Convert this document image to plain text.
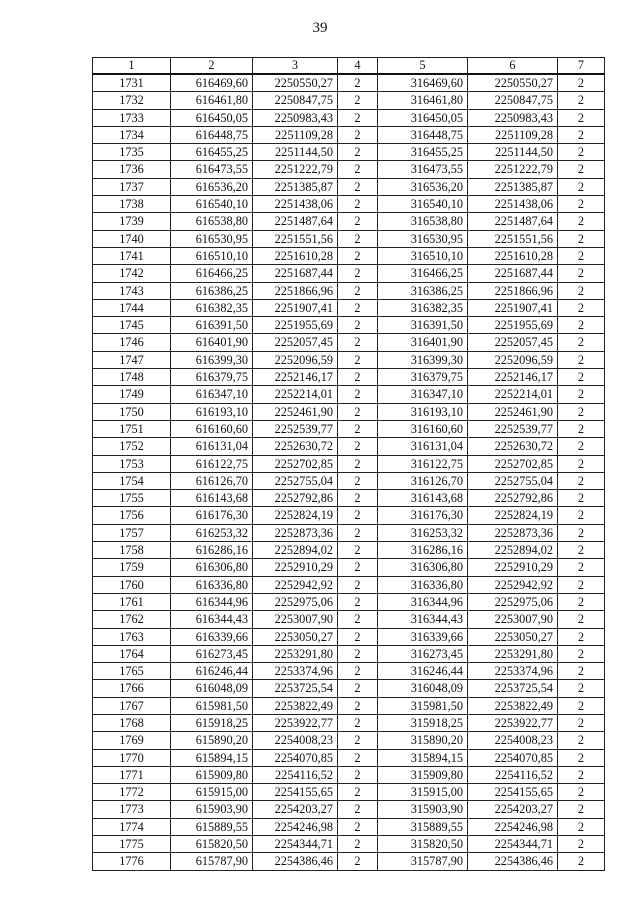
39
1	2	3	4	5	6	7
1731	616469,60	2250550,27	2	316469,60	2250550,27	2
1732	616461,80	2250847,75	2	316461,80	2250847,75	2
1733	616450,05	2250983,43	2	316450,05	2250983,43	2
1734	616448,75	2251109,28	2	316448,75	2251109,28	2
1735	616455,25	2251144,50	2	316455,25	2251144,50	2
1736	616473,55	2251222,79	2	316473,55	2251222,79	2
1737	616536,20	2251385,87	2	316536,20	2251385,87	2
1738	616540,10	2251438,06	2	316540,10	2251438,06	2
1739	616538,80	2251487,64	2	316538,80	2251487,64	2
1740	616530,95	2251551,56	2	316530,95	2251551,56	2
1741	616510,10	2251610,28	2	316510,10	2251610,28	2
1742	616466,25	2251687,44	2	316466,25	2251687,44	2
1743	616386,25	2251866,96	2	316386,25	2251866,96	2
1744	616382,35	2251907,41	2	316382,35	2251907,41	2
1745	616391,50	2251955,69	2	316391,50	2251955,69	2
1746	616401,90	2252057,45	2	316401,90	2252057,45	2
1747	616399,30	2252096,59	2	316399,30	2252096,59	2
1748	616379,75	2252146,17	2	316379,75	2252146,17	2
1749	616347,10	2252214,01	2	316347,10	2252214,01	2
1750	616193,10	2252461,90	2	316193,10	2252461,90	2
1751	616160,60	2252539,77	2	316160,60	2252539,77	2
1752	616131,04	2252630,72	2	316131,04	2252630,72	2
1753	616122,75	2252702,85	2	316122,75	2252702,85	2
1754	616126,70	2252755,04	2	316126,70	2252755,04	2
1755	616143,68	2252792,86	2	316143,68	2252792,86	2
1756	616176,30	2252824,19	2	316176,30	2252824,19	2
1757	616253,32	2252873,36	2	316253,32	2252873,36	2
1758	616286,16	2252894,02	2	316286,16	2252894,02	2
1759	616306,80	2252910,29	2	316306,80	2252910,29	2
1760	616336,80	2252942,92	2	316336,80	2252942,92	2
1761	616344,96	2252975,06	2	316344,96	2252975,06	2
1762	616344,43	2253007,90	2	316344,43	2253007,90	2
1763	616339,66	2253050,27	2	316339,66	2253050,27	2
1764	616273,45	2253291,80	2	316273,45	2253291,80	2
1765	616246,44	2253374,96	2	316246,44	2253374,96	2
1766	616048,09	2253725,54	2	316048,09	2253725,54	2
1767	615981,50	2253822,49	2	315981,50	2253822,49	2
1768	615918,25	2253922,77	2	315918,25	2253922,77	2
1769	615890,20	2254008,23	2	315890,20	2254008,23	2
1770	615894,15	2254070,85	2	315894,15	2254070,85	2
1771	615909,80	2254116,52	2	315909,80	2254116,52	2
1772	615915,00	2254155,65	2	315915,00	2254155,65	2
1773	615903,90	2254203,27	2	315903,90	2254203,27	2
1774	615889,55	2254246,98	2	315889,55	2254246,98	2
1775	615820,50	2254344,71	2	315820,50	2254344,71	2
1776	615787,90	2254386,46	2	315787,90	2254386,46	2
